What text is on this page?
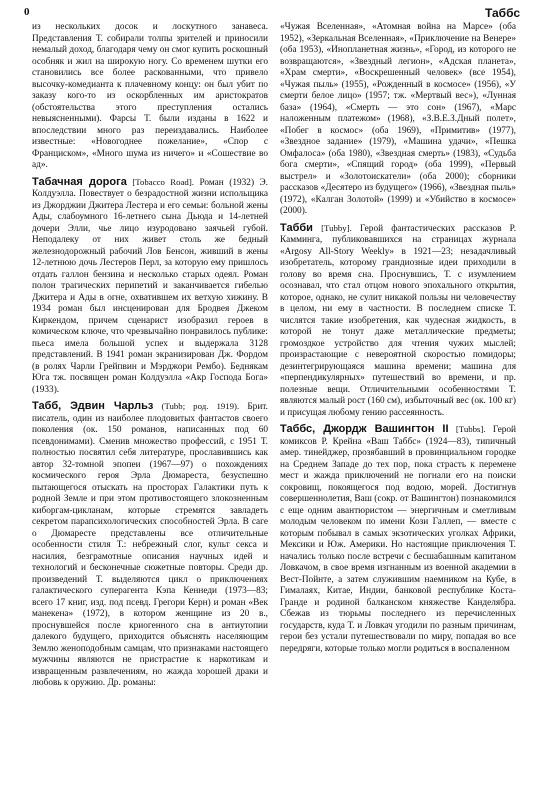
0	Таббс

из нескольких досок и лоскутного занавеса. Представления Т. собирали толпы зрителей и приносили немалый доход, благодаря чему он смог купить роскошный особняк и жил на широкую ногу. Со временем шутки его становились все более раскованными, что привело высочку-комедианта к плачевному концу: он был убит по заказу кого-то из оскорбленных им аристократов (обстоятельства этого преступления остались невыясненными). Фарсы Т. были изданы в 1622 и впоследствии много раз переиздавались. Наиболее известные: «Новогоднее пожелание», «Спор с Франциском», «Много шума из ничего» и «Сошествие во ад».

Табачная дорога [Tobacco Road]. Роман (1932) Э. Колдуэлла. Повествует о безрадостной жизни испольщика из Джорджии Джитера Лестера и его семьи: больной жены Ады, слабоумного 16-летнего сына Дьюда и 14-летней дочери Элли, чье лицо изуродовано заячьей губой. Неподалеку от них живет столь же бедный железнодорожный рабочий Лов Бенсон, живший в жены 12-летнюю дочь Лестеров Перл, за которую ему пришлось отдать галлон бензина и несколько старых одеял. Роман полон трагических перипетий и заканчивается гибелью Джитера и Ады в огне, охватившем их ветхую хижину. В 1934 роман был инсценирован для Бродвея Джеком Киркендом, причем сценарист изобразил героев в комическом ключе, что чрезвычайно понравилось публике: пьеса имела большой успех и выдержала 3128 представлений. В 1941 роман экранизирован Дж. Фордом (в ролях Чарли Грейпвин и Мэрджори Рембо). Беднякам Юга тж. посвящен роман Колдуэлла «Акр Господа Бога» (1933).

Табб, Эдвин Чарльз (Tubb; род. 1919). Брит. писатель, один из наиболее плодовитых фантастов своего поколения (ок. 150 романов, написанных под 60 псевдонимами). Сменив множество профессий, с 1951 Т. полностью посвятил себя литературе, прославившись как автор 32-томной эпопеи (1967—97) о похождениях космического героя Эрла Дюмареста, безуспешно пытающегося отыскать на просторах Галактики путь к родной Земле и при этом противостоящего злокозненным киборгам-цикланам, которые стремятся завладеть секретом парапсихологических способностей Эрла. В саге о Дюмаресте представлены все отличительные особенности стиля Т.: небрежный слог, культ секса и насилия, безграмотные описания научных идей и технологий и бесконечные сюжетные повторы. Среди др. произведений Т. выделяются цикл о приключениях галактического суперагента Кэпа Кеннеди (1973—83; всего 17 книг, изд. под псевд. Грегори Керн) и роман «Век манекена» (1972), в котором женщине из 20 в., проснувшейся после криогенного сна в антиутопии далекого будущего, приходится объяснять населяющим Землю женоподобным самцам, что признаками настоящего мужчины являются не пристрастие к наркотикам и извращенным развлечениям, но жажда хорошей драки и любовь к оружию. Др. романы:

«Чужая Вселенная», «Атомная война на Марсе» (оба 1952), «Зеркальная Вселенная», «Приключение на Венере» (оба 1953), «Инопланетная жизнь», «Город, из которого не возвращаются», «Звездный легион», «Адская планета», «Храм смерти», «Воскрешенный человек» (все 1954), «Чужая пыль» (1955), «Рожденный в космосе» (1956), «У смерти белое лицо» (1957; тж. «Мертвый вес»), «Лунная база» (1964), «Смерть — это сон» (1967), «Марс наложенным платежом» (1968), «З.В.Е.З.Дный полет», «Побег в космос» (оба 1969), «Примитив» (1977), «Звездное задание» (1979), «Машина удачи», «Пешка Омфалоса» (оба 1980), «Звездная смерть» (1983), «Судьба бога смерти», «Спящий город» (оба 1999), «Первый выстрел» и «Золотоискатели» (оба 2000); сборники рассказов «Десятеро из будущего» (1966), «Звездная пыль» (1972), «Калган Золотой» (1999) и «Убийство в космосе» (2000).

Табби [Tubby]. Герой фантастических рассказов Р. Камминга, публиковавшихся на страницах журнала «Argosy All-Story Weekly» в 1921—23; незадачливый изобретатель, которому грандиозные идеи приходили в голову во время сна. Проснувшись, Т. с изумлением осознавал, что стал отцом нового эпохального открытия, которое, однако, не сулит никакой пользы ни человечеству в целом, ни ему в частности. В последнем списке Т. числятся такие изобретения, как чудесная жидкость, в которой не тонут даже металлические предметы; громоздкое устройство для чтения чужих мыслей; произрастающие с невероятной скоростью помидоры; дезинтегрирующаяся машина времени; машина для «перпендикулярных» путешествий во времени, и пр. полезные вещи. Отличительными особенностями Т. являются малый рост (160 см), избыточный вес (ок. 100 кг) и присущая любому гению рассеянность.

Таббс, Джордж Вашингтон II [Tubbs]. Герой комиксов Р. Крейна «Ваш Таббс» (1924—83), типичный амер. тинейджер, прозябавший в провинциальном городке на Среднем Западе до тех пор, пока страсть к перемене мест и жажда приключений не погнали его на поиски сокровищ, покоящегося под водою, морей. Достигнув совершеннолетия, Ваш (сокр. от Вашингтон) познакомился с еще одним авантюристом — энергичным и сметливым молодым человеком по имени Кози Галлеп, — вместе с которым побывал в самых экзотических уголках Африки, Мексики и Юж. Америки. Но настоящие приключения Т. начались только после встречи с бесшабашным капитаном Ловкачом, в свое время изгнанным из военной академии в Вест-Пойнте, а затем служившим наемником на Кубе, в Гималаях, Китае, Индии, банковой республике Коста-Гранде и родиной балканском княжестве Канделябра. Сбежав из тюрьмы последнего из перечисленных государств, куда Т. и Ловкач угодили по разным причинам, герои без устали путешествовали по миру, попадая во все передряги, которые только могли родиться в воспаленном
